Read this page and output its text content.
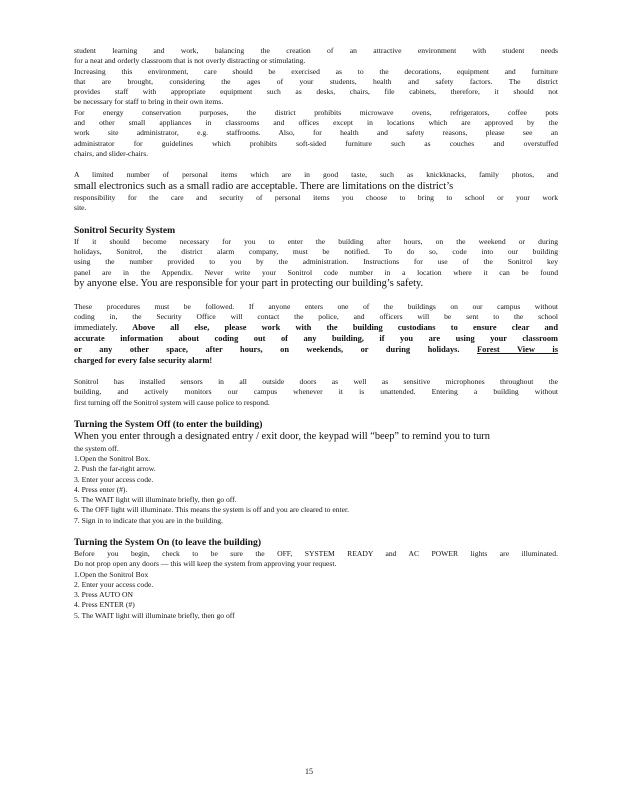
student learning and work, balancing the creation of an attractive environment with student needs
for a neat and orderly classroom that is not overly distracting or stimulating.
Increasing this environment, care should be exercised as to the decorations, equipment and furniture
that are brought, considering the ages of your students, health and safety factors. The district
provides staff with appropriate equipment such as desks, chairs, file cabinets, therefore, it should not
be necessary for staff to bring in their own items.
For energy conservation purposes, the district prohibits microwave ovens, refrigerators, coffee pots
and other small appliances in classrooms and offices except in locations which are approved by the
work site administrator, e.g. staffrooms. Also, for health and safety reasons, please see an
administrator for guidelines which prohibits soft-sided furniture such as couches and overstuffed
chairs, and slider-chairs.
A limited number of personal items which are in good taste, such as knickknacks, family photos, and
small electronics such as a small radio are acceptable. There are limitations on the district’s
responsibility for the care and security of personal items you choose to bring to school or your work
site.
Sonitrol Security System
If it should become necessary for you to enter the building after hours, on the weekend or during
holidays, Sonitrol, the district alarm company, must be notified. To do so, code into our building
using the number provided to you by the administration. Instructions for use of the Sonitrol key
panel are in the Appendix. Never write your Sonitrol code number in a location where it can be found
by anyone else. You are responsible for your part in protecting our building’s safety.
These procedures must be followed. If anyone enters one of the buildings on our campus without
coding in, the Security Office will contact the police, and officers will be sent to the school
immediately. Above all else, please work with the building custodians to ensure clear and
accurate information about coding out of any building, if you are using your classroom
or any other space, after hours, on weekends, or during holidays. Forest View is
charged for every false security alarm!
Sonitrol has installed sensors in all outside doors as well as sensitive microphones throughout the
building, and actively monitors our campus whenever it is unattended. Entering a building without
first turning off the Sonitrol system will cause police to respond.
Turning the System Off (to enter the building)
When you enter through a designated entry / exit door, the keypad will “beep” to remind you to turn
the system off.
1.Open the Sonitrol Box.
2. Push the far-right arrow.
3. Enter your access code.
4. Press enter (#).
5. The WAIT light will illuminate briefly, then go off.
6. The OFF light will illuminate. This means the system is off and you are cleared to enter.
7. Sign in to indicate that you are in the building.
Turning the System On (to leave the building)
Before you begin, check to be sure the OFF, SYSTEM READY and AC POWER lights are illuminated.
Do not prop open any doors — this will keep the system from approving your request.
1.Open the Sonitrol Box
2. Enter your access code.
3. Press AUTO ON
4. Press ENTER (#)
5. The WAIT light will illuminate briefly, then go off
15
